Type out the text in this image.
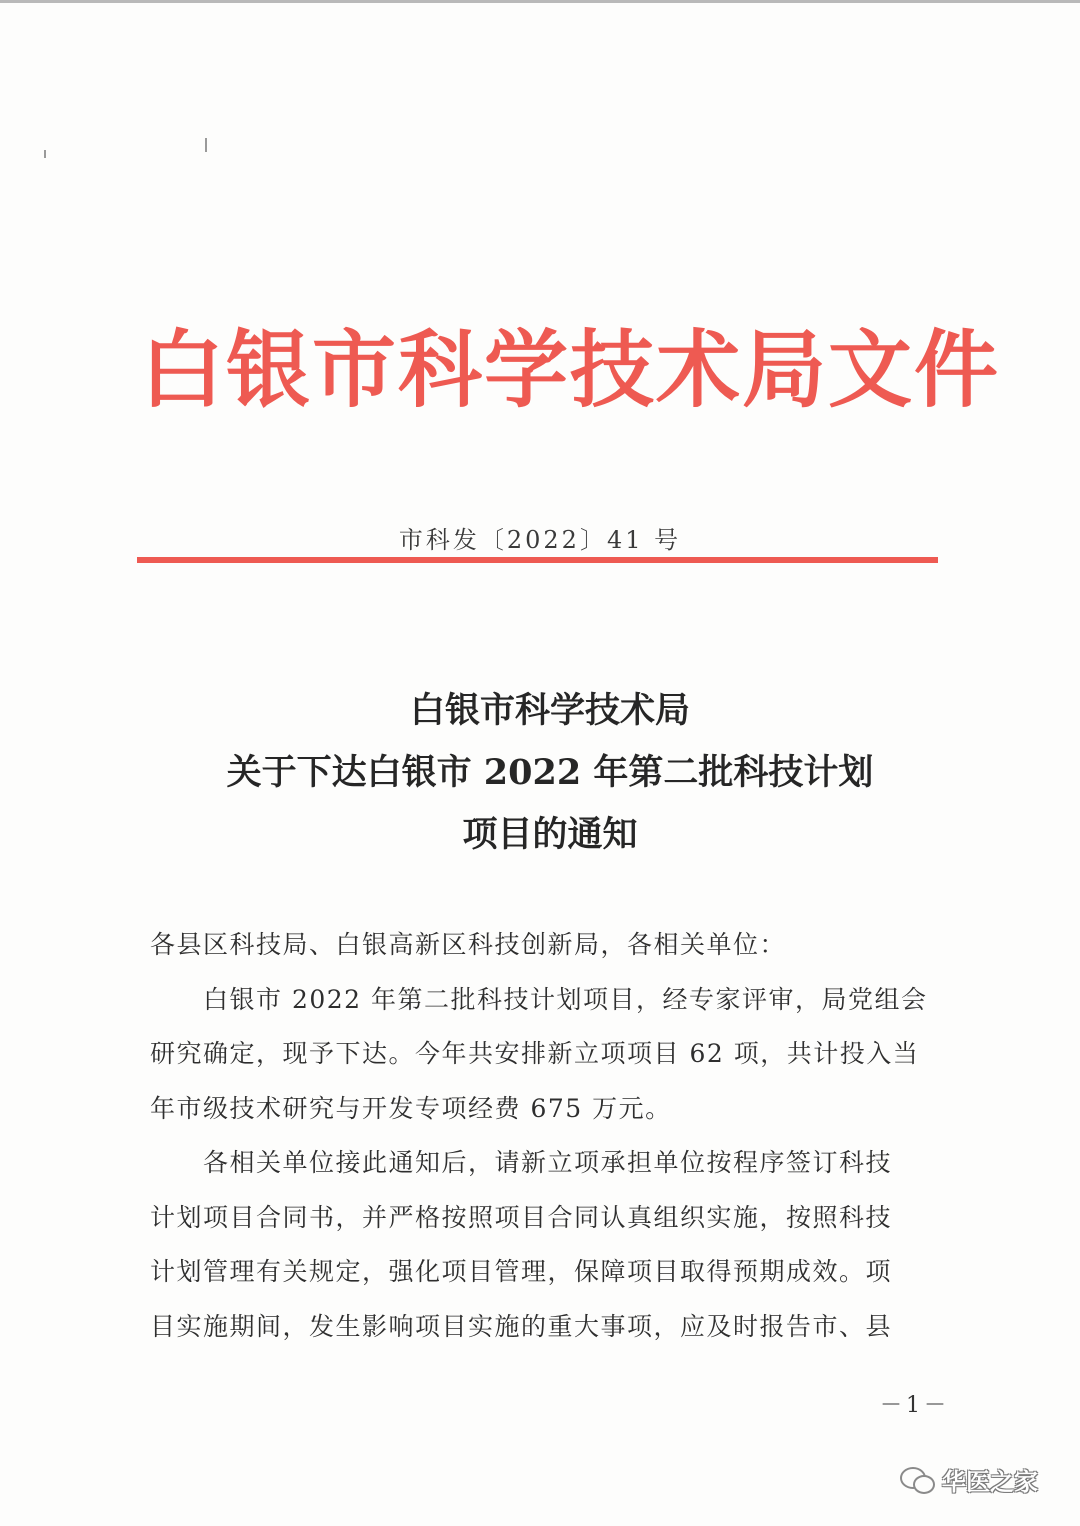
白银市科学技术局文件
市科发〔2022〕41 号
白银市科学技术局
关于下达白银市 2022 年第二批科技计划
项目的通知
各县区科技局、白银高新区科技创新局，各相关单位：
　　白银市 2022 年第二批科技计划项目，经专家评审，局党组会
研究确定，现予下达。今年共安排新立项项目 62 项，共计投入当
年市级技术研究与开发专项经费 675 万元。
　　各相关单位接此通知后，请新立项承担单位按程序签订科技
计划项目合同书，并严格按照项目合同认真组织实施，按照科技
计划管理有关规定，强化项目管理，保障项目取得预期成效。项
目实施期间，发生影响项目实施的重大事项，应及时报告市、县
－1－
华医之家
